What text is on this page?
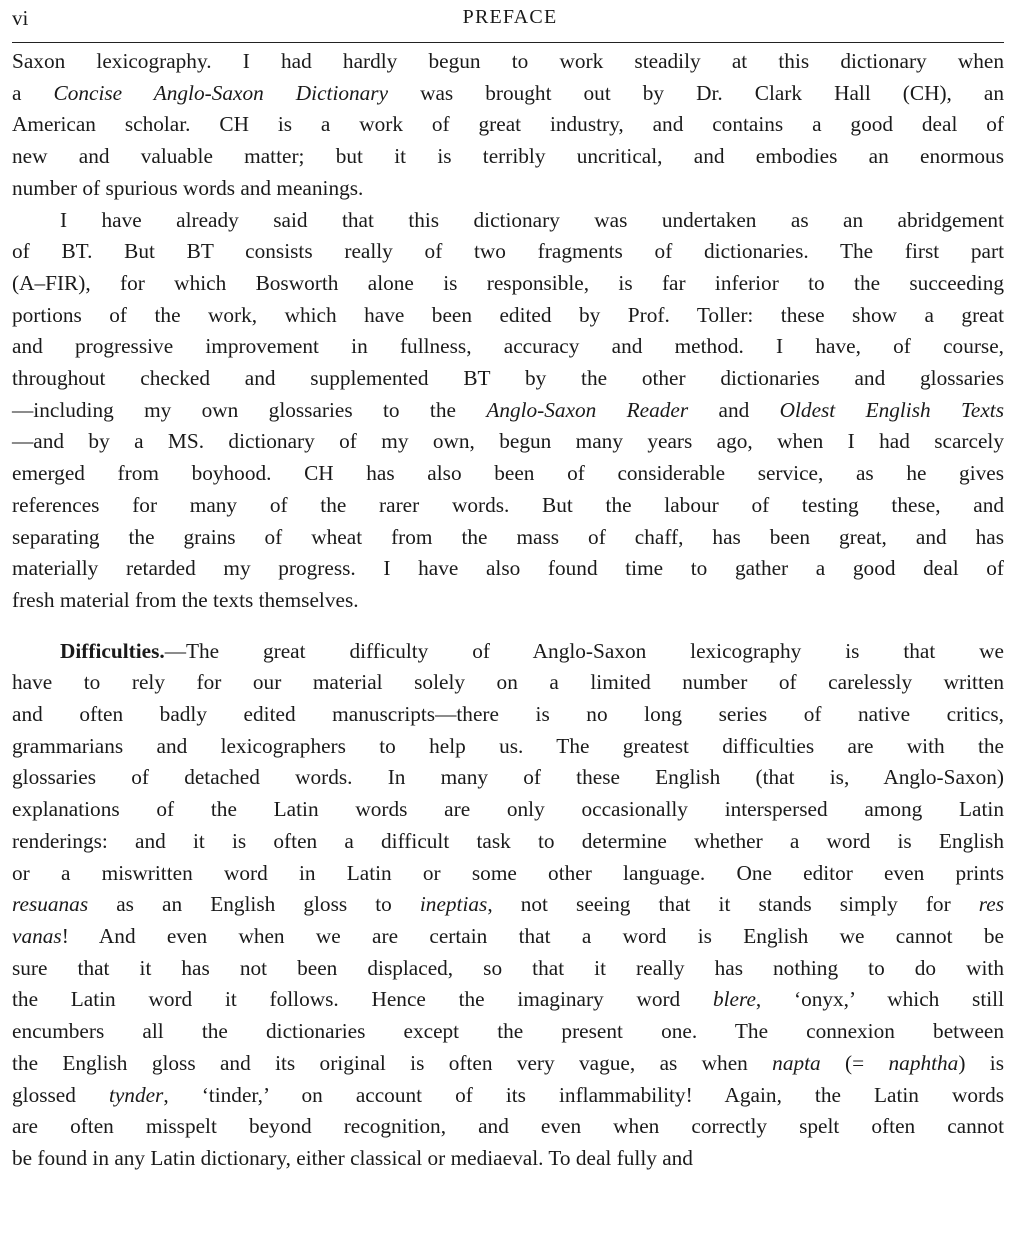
vi	PREFACE

Saxon lexicography. I had hardly begun to work steadily at this dictionary when
a Concise Anglo-Saxon Dictionary was brought out by Dr. Clark Hall (CH), an
American scholar. CH is a work of great industry, and contains a good deal of
new and valuable matter; but it is terribly uncritical, and embodies an enormous
number of spurious words and meanings.

I have already said that this dictionary was undertaken as an abridgement
of BT. But BT consists really of two fragments of dictionaries. The first part
(A–FIR), for which Bosworth alone is responsible, is far inferior to the succeeding
portions of the work, which have been edited by Prof. Toller: these show a great
and progressive improvement in fullness, accuracy and method. I have, of course,
throughout checked and supplemented BT by the other dictionaries and glossaries
—including my own glossaries to the Anglo-Saxon Reader and Oldest English Texts
—and by a MS. dictionary of my own, begun many years ago, when I had scarcely
emerged from boyhood. CH has also been of considerable service, as he gives
references for many of the rarer words. But the labour of testing these, and
separating the grains of wheat from the mass of chaff, has been great, and has
materially retarded my progress. I have also found time to gather a good deal of
fresh material from the texts themselves.

Difficulties.—The great difficulty of Anglo-Saxon lexicography is that we
have to rely for our material solely on a limited number of carelessly written
and often badly edited manuscripts—there is no long series of native critics,
grammarians and lexicographers to help us. The greatest difficulties are with the
glossaries of detached words. In many of these English (that is, Anglo-Saxon)
explanations of the Latin words are only occasionally interspersed among Latin
renderings: and it is often a difficult task to determine whether a word is English
or a miswritten word in Latin or some other language. One editor even prints
resuanas as an English gloss to ineptias, not seeing that it stands simply for res
vanas! And even when we are certain that a word is English we cannot be
sure that it has not been displaced, so that it really has nothing to do with
the Latin word it follows. Hence the imaginary word blere, ‘onyx,’ which still
encumbers all the dictionaries except the present one. The connexion between
the English gloss and its original is often very vague, as when napta (= naphtha) is
glossed tynder, ‘tinder,’ on account of its inflammability! Again, the Latin words
are often misspelt beyond recognition, and even when correctly spelt often cannot
be found in any Latin dictionary, either classical or mediaeval. To deal fully and
